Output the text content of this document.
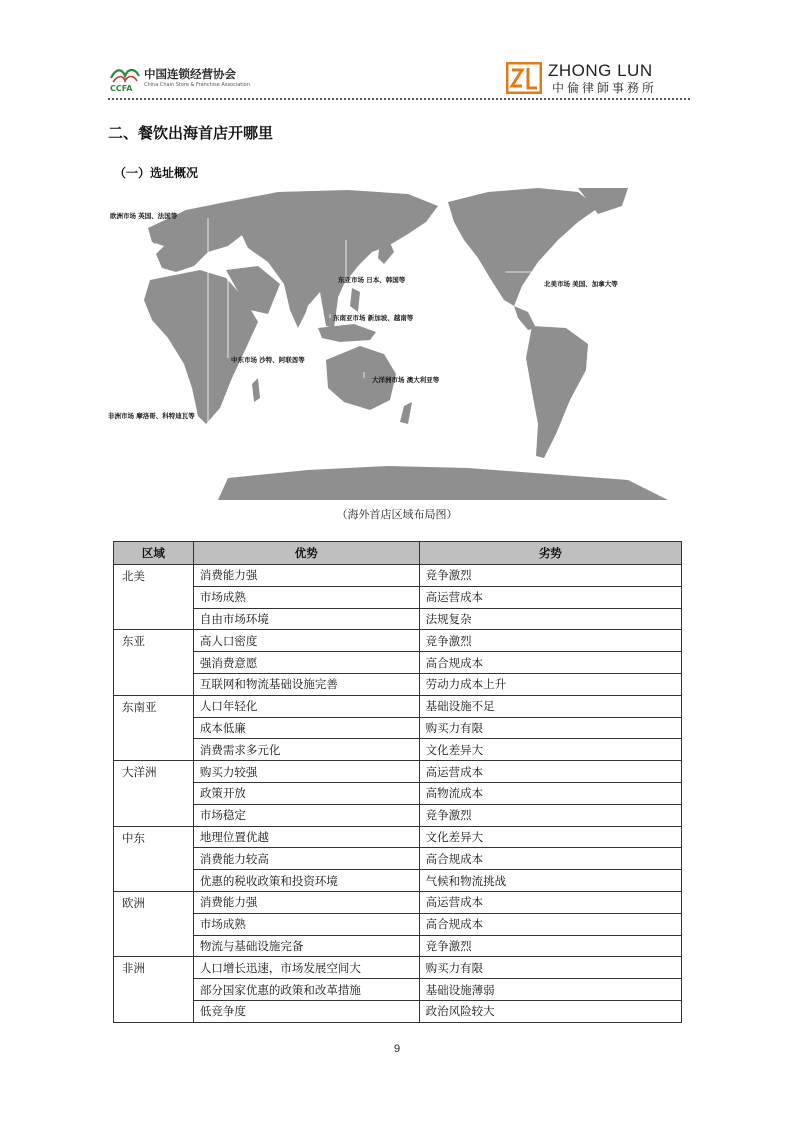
CCFA
中国连锁经营协会
China Chain Store & Franchise Association
ZHONG LUN
中倫律師事務所
二、餐饮出海首店开哪里
（一）选址概况
欧洲市场 英国、法国等
东亚市场 日本、韩国等
东南亚市场 新加坡、越南等
北美市场 美国、加拿大等
中东市场 沙特、阿联酋等
大洋洲市场 澳大利亚等
非洲市场 摩洛哥、科特迪瓦等
（海外首店区域布局图）
区域	优势	劣势
北美	消费能力强	竞争激烈
	市场成熟	高运营成本
	自由市场环境	法规复杂
东亚	高人口密度	竞争激烈
	强消费意愿	高合规成本
	互联网和物流基础设施完善	劳动力成本上升
东南亚	人口年轻化	基础设施不足
	成本低廉	购买力有限
	消费需求多元化	文化差异大
大洋洲	购买力较强	高运营成本
	政策开放	高物流成本
	市场稳定	竞争激烈
中东	地理位置优越	文化差异大
	消费能力较高	高合规成本
	优惠的税收政策和投资环境	气候和物流挑战
欧洲	消费能力强	高运营成本
	市场成熟	高合规成本
	物流与基础设施完备	竞争激烈
非洲	人口增长迅速，市场发展空间大	购买力有限
	部分国家优惠的政策和改革措施	基础设施薄弱
	低竞争度	政治风险较大
9
